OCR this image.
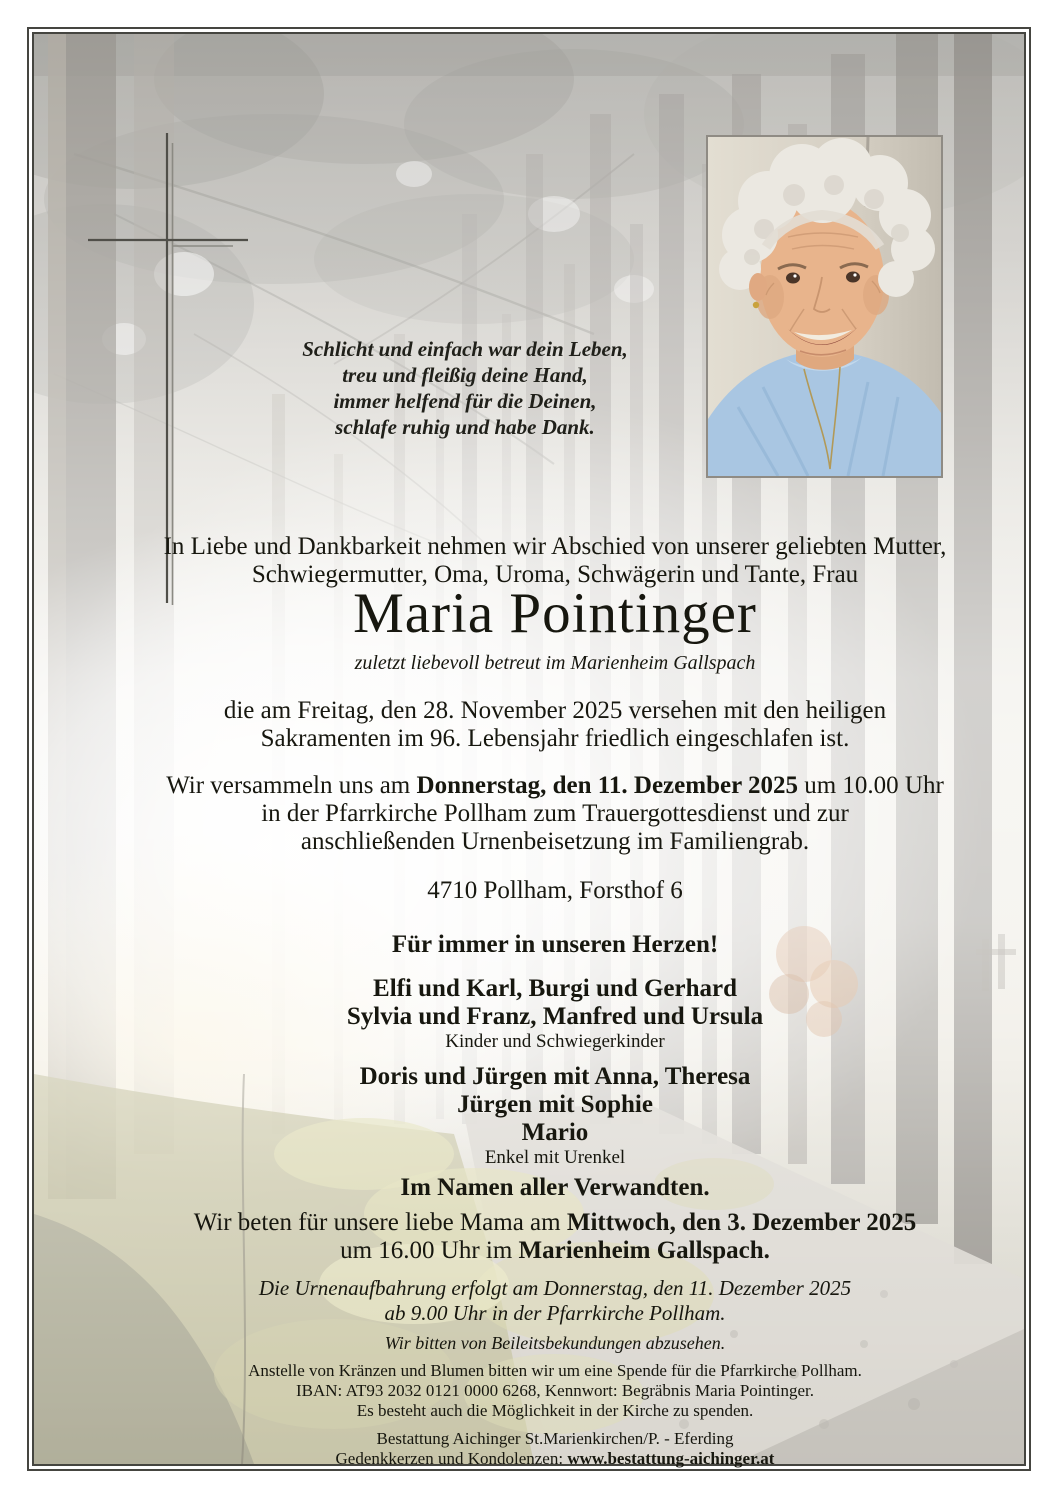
Schlicht und einfach war dein Leben,
treu und fleißig deine Hand,
immer helfend für die Deinen,
schlafe ruhig und habe Dank.
In Liebe und Dankbarkeit nehmen wir Abschied von unserer geliebten Mutter,
Schwiegermutter, Oma, Uroma, Schwägerin und Tante, Frau
Maria Pointinger
zuletzt liebevoll betreut im Marienheim Gallspach
die am Freitag, den 28. November 2025 versehen mit den heiligen
Sakramenten im 96. Lebensjahr friedlich eingeschlafen ist.
Wir versammeln uns am Donnerstag, den 11. Dezember 2025 um 10.00 Uhr
in der Pfarrkirche Pollham zum Trauergottesdienst und zur
anschließenden Urnenbeisetzung im Familiengrab.
4710 Pollham, Forsthof 6
Für immer in unseren Herzen!
Elfi und Karl, Burgi und Gerhard
Sylvia und Franz, Manfred und Ursula
Kinder und Schwiegerkinder
Doris und Jürgen mit Anna, Theresa
Jürgen mit Sophie
Mario
Enkel mit Urenkel
Im Namen aller Verwandten.
Wir beten für unsere liebe Mama am Mittwoch, den 3. Dezember 2025
um 16.00 Uhr im Marienheim Gallspach.
Die Urnenaufbahrung erfolgt am Donnerstag, den 11. Dezember 2025
ab 9.00 Uhr in der Pfarrkirche Pollham.
Wir bitten von Beileitsbekundungen abzusehen.
Anstelle von Kränzen und Blumen bitten wir um eine Spende für die Pfarrkirche Pollham.
IBAN: AT93 2032 0121 0000 6268, Kennwort: Begräbnis Maria Pointinger.
Es besteht auch die Möglichkeit in der Kirche zu spenden.
Bestattung Aichinger St.Marienkirchen/P. - Eferding
Gedenkkerzen und Kondolenzen: www.bestattung-aichinger.at
